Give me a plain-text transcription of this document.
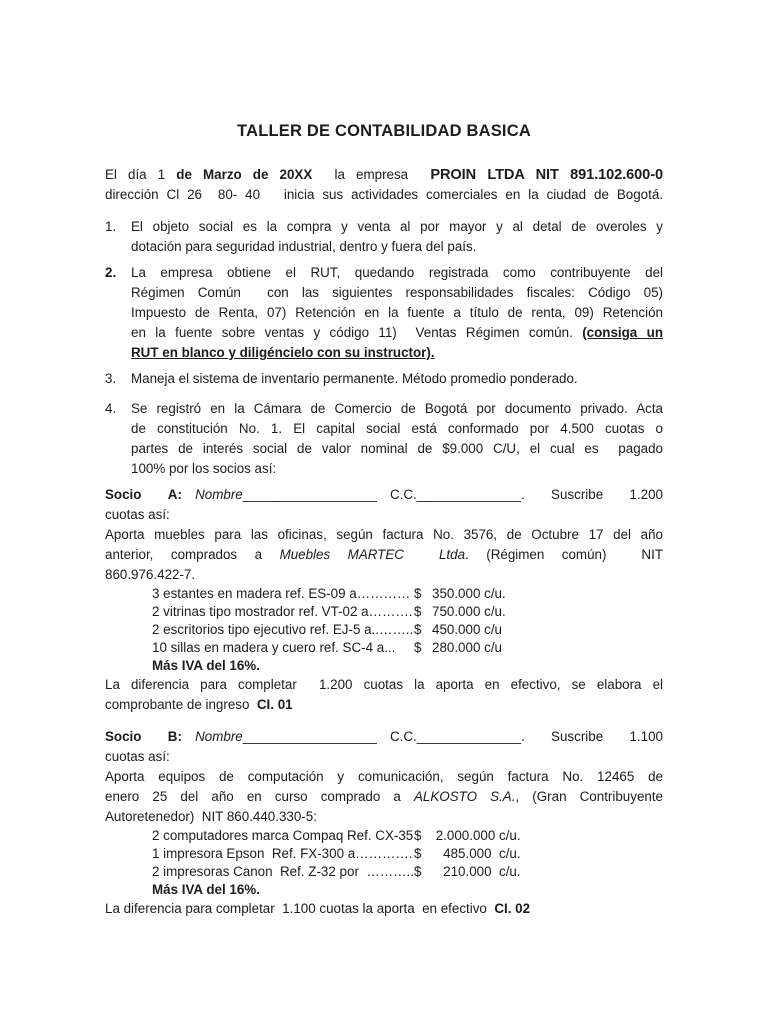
TALLER DE CONTABILIDAD BASICA

El día 1 de Marzo de 20XX  la empresa  PROIN LTDA NIT 891.102.600-0
dirección Cl 26  80- 40   inicia sus actividades comerciales en la ciudad de Bogotá.

1.	El objeto social es la compra y venta al por mayor y al detal de overoles y
dotación para seguridad industrial, dentro y fuera del país.

2.	La empresa obtiene el RUT, quedando registrada como contribuyente del
Régimen Común  con las siguientes responsabilidades fiscales: Código 05)
Impuesto de Renta, 07) Retención en la fuente a título de renta, 09) Retención
en la fuente sobre ventas y código 11)  Ventas Régimen común. (consiga un
RUT en blanco y diligéncielo con su instructor).

3.	Maneja el sistema de inventario permanente. Método promedio ponderado.

4.	Se registró en la Cámara de Comercio de Bogotá por documento privado. Acta
de constitución No. 1. El capital social está conformado por 4.500 cuotas o
partes de interés social de valor nominal de $9.000 C/U, el cual es  pagado
100% por los socios así:

Socio  A: Nombre__________________ C.C.______________.  Suscribe  1.200
cuotas así:

Aporta muebles para las oficinas, según factura No. 3576, de Octubre 17 del año
anterior, comprados a Muebles MARTEC  Ltda. (Régimen común)  NIT
860.976.422-7.

3 estantes en madera ref. ES-09 a………… $ 350.000 c/u.
2 vitrinas tipo mostrador ref. VT-02 a………. $ 750.000 c/u.
2 escritorios tipo ejecutivo ref. EJ-5 a..…….. $ 450.000 c/u
10 sillas en madera y cuero ref. SC-4 a...	$ 280.000 c/u
Más IVA del 16%.

La diferencia para completar  1.200 cuotas la aporta en efectivo, se elabora el
comprobante de ingreso  CI. 01

Socio  B: Nombre__________________ C.C.______________.  Suscribe  1.100
cuotas así:

Aporta equipos de computación y comunicación, según factura No. 12465 de
enero 25 del año en curso comprado a ALKOSTO S.A., (Gran Contribuyente
Autoretenedor)  NIT 860.440.330-5:

2 computadores marca Compaq Ref. CX-35 $ 2.000.000 c/u.
1 impresora Epson  Ref. FX-300 a…………. $ 485.000  c/u.
2 impresoras Canon  Ref. Z-32 por  ……….. $ 210.000  c/u.
Más IVA del 16%.

La diferencia para completar  1.100 cuotas la aporta  en efectivo  CI. 02
